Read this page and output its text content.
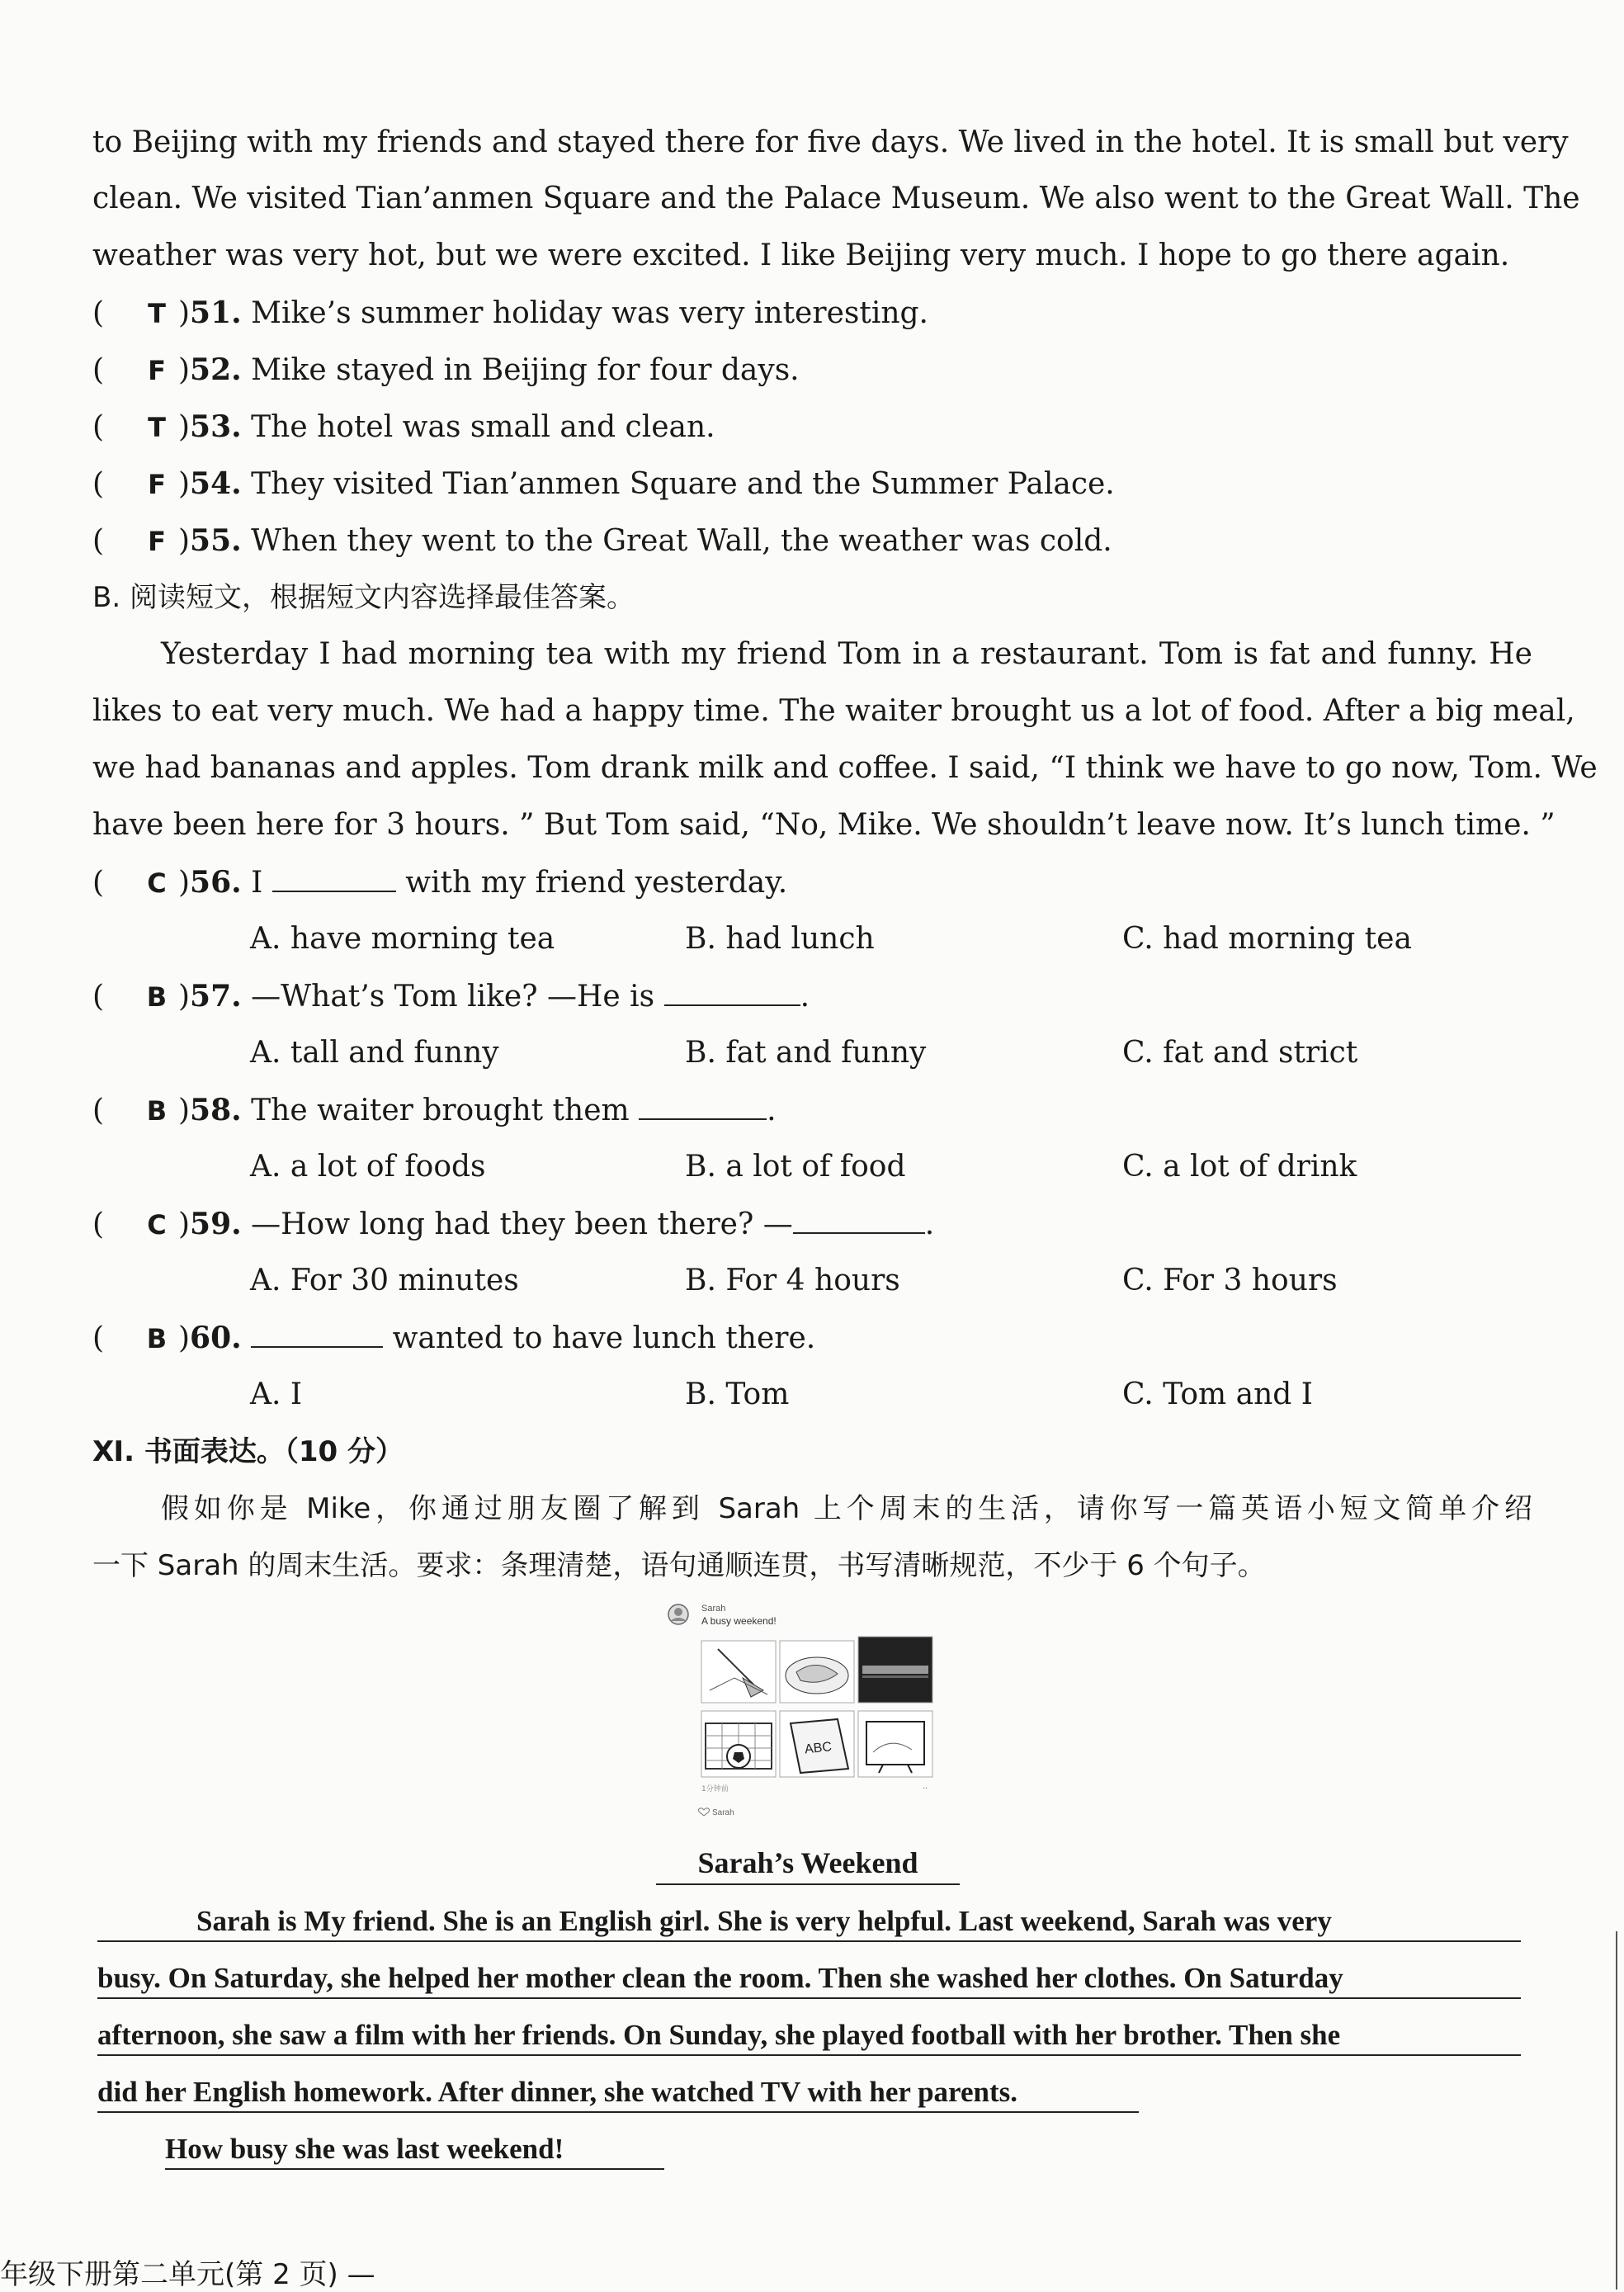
to Beijing with my friends and stayed there for five days. We lived in the hotel. It is small but very
clean. We visited Tian’anmen Square and the Palace Museum. We also went to the Great Wall. The
weather was very hot, but we were excited. I like Beijing very much. I hope to go there again.
( T )51. Mike’s summer holiday was very interesting.
( F )52. Mike stayed in Beijing for four days.
( T )53. The hotel was small and clean.
( F )54. They visited Tian’anmen Square and the Summer Palace.
( F )55. When they went to the Great Wall, the weather was cold.
B. 阅读短文，根据短文内容选择最佳答案。
Yesterday I had morning tea with my friend Tom in a restaurant. Tom is fat and funny. He
likes to eat very much. We had a happy time. The waiter brought us a lot of food. After a big meal,
we had bananas and apples. Tom drank milk and coffee. I said, “I think we have to go now, Tom. We
have been here for 3 hours. ” But Tom said, “No, Mike. We shouldn’t leave now. It’s lunch time. ”
( C )56. I	with my friend yesterday.
A. have morning tea	B. had lunch	C. had morning tea
( B )57. —What’s Tom like? —He is	.
A. tall and funny	B. fat and funny	C. fat and strict
( B )58. The waiter brought them	.
A. a lot of foods	B. a lot of food	C. a lot of drink
( C )59. —How long had they been there? —	.
A. For 30 minutes	B. For 4 hours	C. For 3 hours
( B )60.	wanted to have lunch there.
A. I	B. Tom	C. Tom and I
Ⅺ. 书面表达。（10 分）
假如你是 Mike，你通过朋友圈了解到 Sarah 上个周末的生活，请你写一篇英语小短文简单介绍
一下 Sarah 的周末生活。要求：条理清楚，语句通顺连贯，书写清晰规范，不少于 6 个句子。
Sarah
A busy weekend!
ABC
1分钟前	··
Sarah
Sarah’s Weekend
Sarah is My friend. She is an English girl. She is very helpful. Last weekend, Sarah was very
busy. On Saturday, she helped her mother clean the room. Then she washed her clothes. On Saturday
afternoon, she saw a film with her friends. On Sunday, she played football with her brother. Then she
did her English homework. After dinner, she watched TV with her parents.
How busy she was last weekend!
年级下册第二单元(第 2 页) —
